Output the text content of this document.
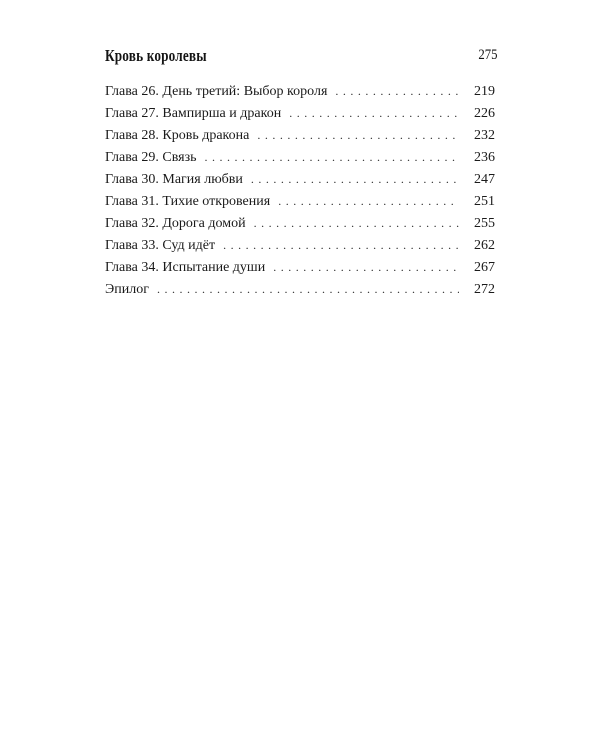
Кровь королевы	275
Глава 26. День третий: Выбор короля . . .	219
Глава 27. Вампирша и дракон . . .	226
Глава 28. Кровь дракона . . .	232
Глава 29. Связь . . .	236
Глава 30. Магия любви . . .	247
Глава 31. Тихие откровения . . .	251
Глава 32. Дорога домой . . .	255
Глава 33. Суд идёт . . .	262
Глава 34. Испытание души . . .	267
Эпилог . . .	272
